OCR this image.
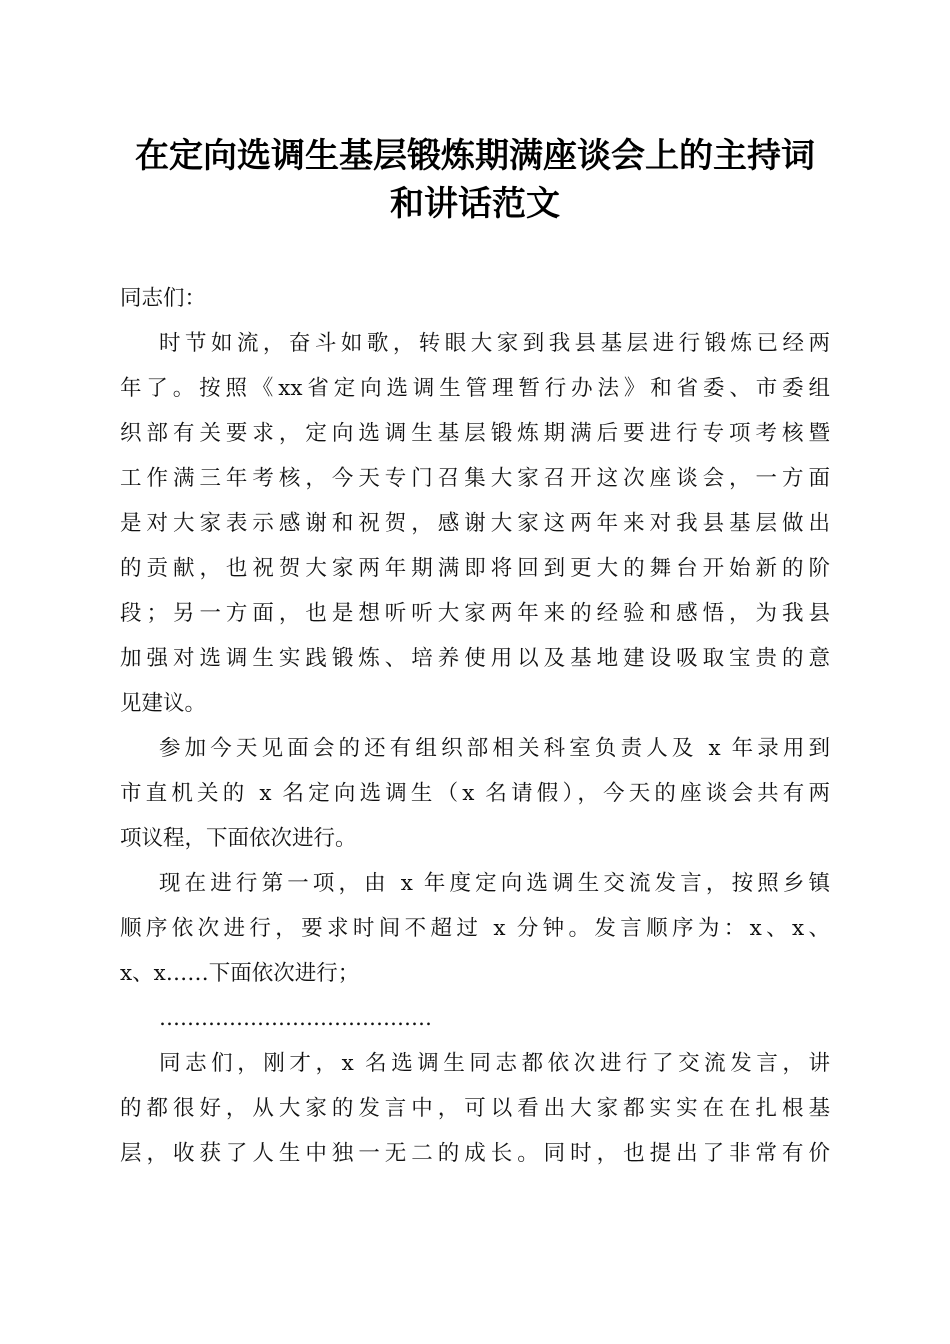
在定向选调生基层锻炼期满座谈会上的主持词
和讲话范文
同志们：

时节如流，奋斗如歌，转眼大家到我县基层进行锻炼已经两
年了。按照《xx省定向选调生管理暂行办法》和省委、市委组
织部有关要求，定向选调生基层锻炼期满后要进行专项考核暨
工作满三年考核，今天专门召集大家召开这次座谈会，一方面
是对大家表示感谢和祝贺，感谢大家这两年来对我县基层做出
的贡献，也祝贺大家两年期满即将回到更大的舞台开始新的阶
段；另一方面，也是想听听大家两年来的经验和感悟，为我县
加强对选调生实践锻炼、培养使用以及基地建设吸取宝贵的意
见建议。

参加今天见面会的还有组织部相关科室负责人及 x 年录用到
市直机关的 x 名定向选调生（x 名请假），今天的座谈会共有两
项议程，下面依次进行。

现在进行第一项，由 x 年度定向选调生交流发言，按照乡镇
顺序依次进行，要求时间不超过 x 分钟。发言顺序为：x、x、
x、x……下面依次进行；

…………………………………

同志们，刚才，x 名选调生同志都依次进行了交流发言，讲
的都很好，从大家的发言中，可以看出大家都实实在在扎根基
层，收获了人生中独一无二的成长。同时，也提出了非常有价
